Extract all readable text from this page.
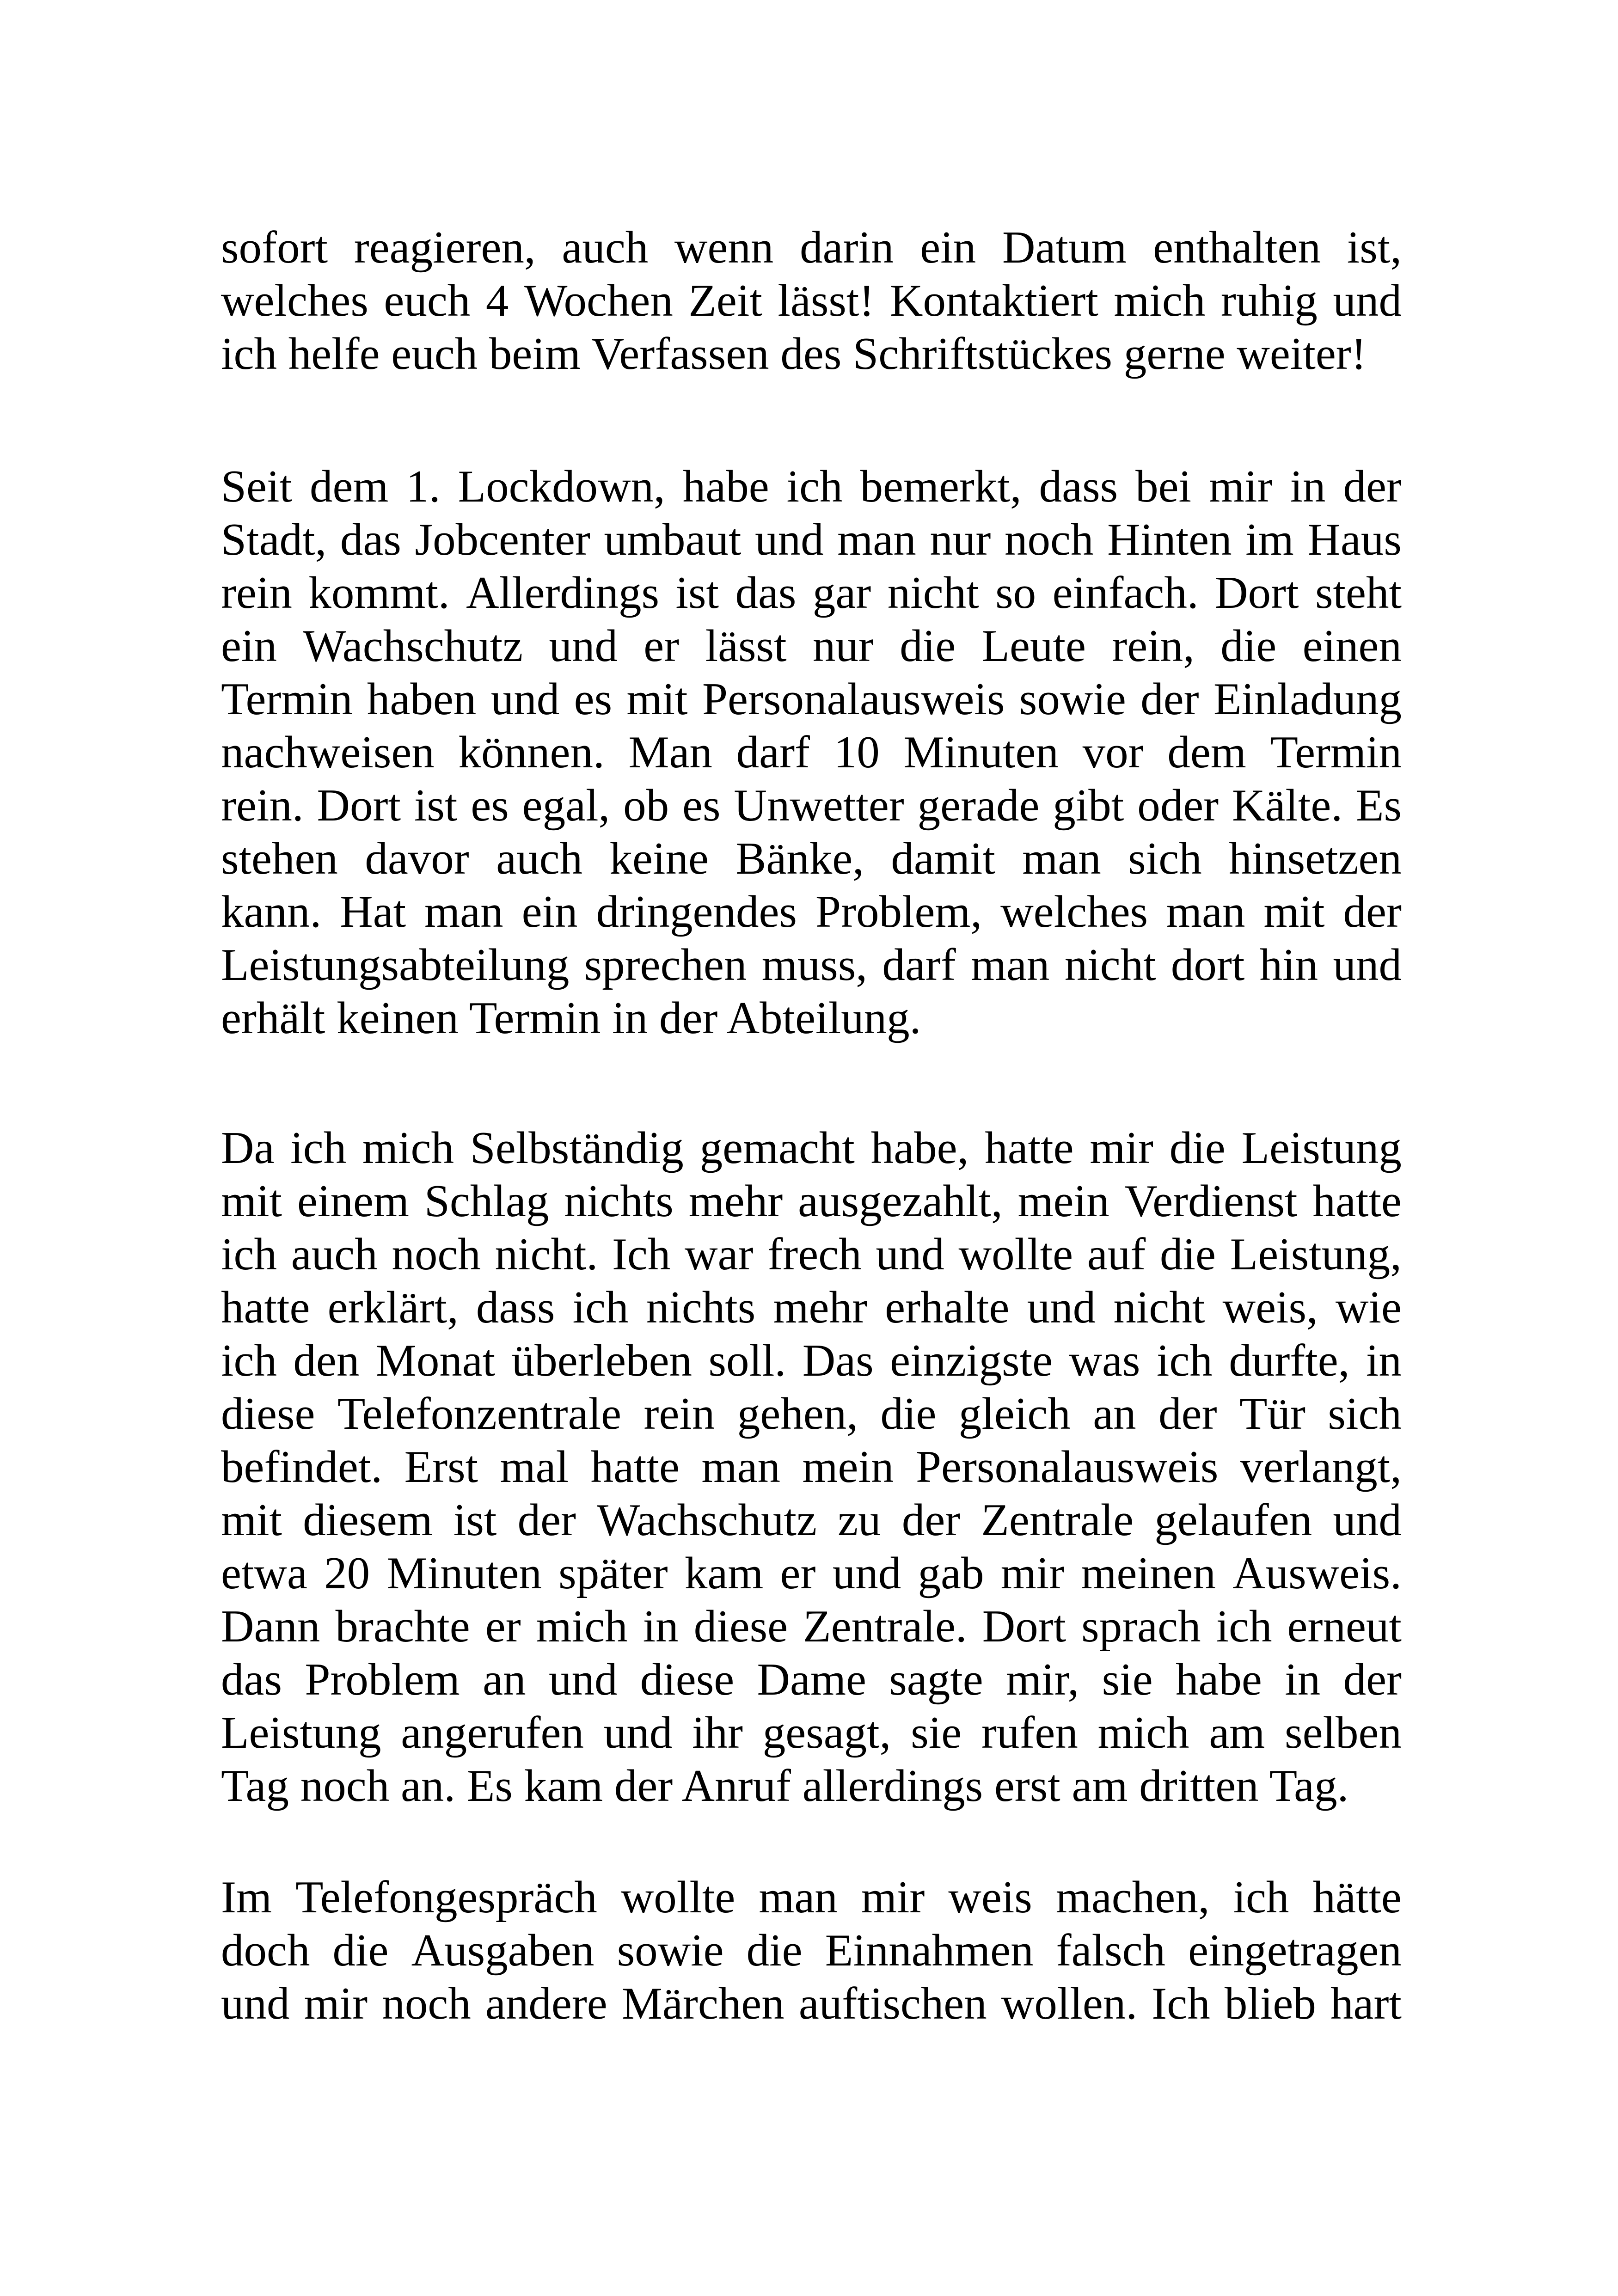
sofort reagieren, auch wenn darin ein Datum enthalten ist,
welches euch 4 Wochen Zeit lässt! Kontaktiert mich ruhig und
ich helfe euch beim Verfassen des Schriftstückes gerne weiter!

Seit dem 1. Lockdown, habe ich bemerkt, dass bei mir in der
Stadt, das Jobcenter umbaut und man nur noch Hinten im Haus
rein kommt. Allerdings ist das gar nicht so einfach. Dort steht
ein Wachschutz und er lässt nur die Leute rein, die einen
Termin haben und es mit Personalausweis sowie der Einladung
nachweisen können. Man darf 10 Minuten vor dem Termin
rein. Dort ist es egal, ob es Unwetter gerade gibt oder Kälte. Es
stehen davor auch keine Bänke, damit man sich hinsetzen
kann. Hat man ein dringendes Problem, welches man mit der
Leistungsabteilung sprechen muss, darf man nicht dort hin und
erhält keinen Termin in der Abteilung.

Da ich mich Selbständig gemacht habe, hatte mir die Leistung
mit einem Schlag nichts mehr ausgezahlt, mein Verdienst hatte
ich auch noch nicht. Ich war frech und wollte auf die Leistung,
hatte erklärt, dass ich nichts mehr erhalte und nicht weis, wie
ich den Monat überleben soll. Das einzigste was ich durfte, in
diese Telefonzentrale rein gehen, die gleich an der Tür sich
befindet. Erst mal hatte man mein Personalausweis verlangt,
mit diesem ist der Wachschutz zu der Zentrale gelaufen und
etwa 20 Minuten später kam er und gab mir meinen Ausweis.
Dann brachte er mich in diese Zentrale. Dort sprach ich erneut
das Problem an und diese Dame sagte mir, sie habe in der
Leistung angerufen und ihr gesagt, sie rufen mich am selben
Tag noch an. Es kam der Anruf allerdings erst am dritten Tag.

Im Telefongespräch wollte man mir weis machen, ich hätte
doch die Ausgaben sowie die Einnahmen falsch eingetragen
und mir noch andere Märchen auftischen wollen. Ich blieb hart
